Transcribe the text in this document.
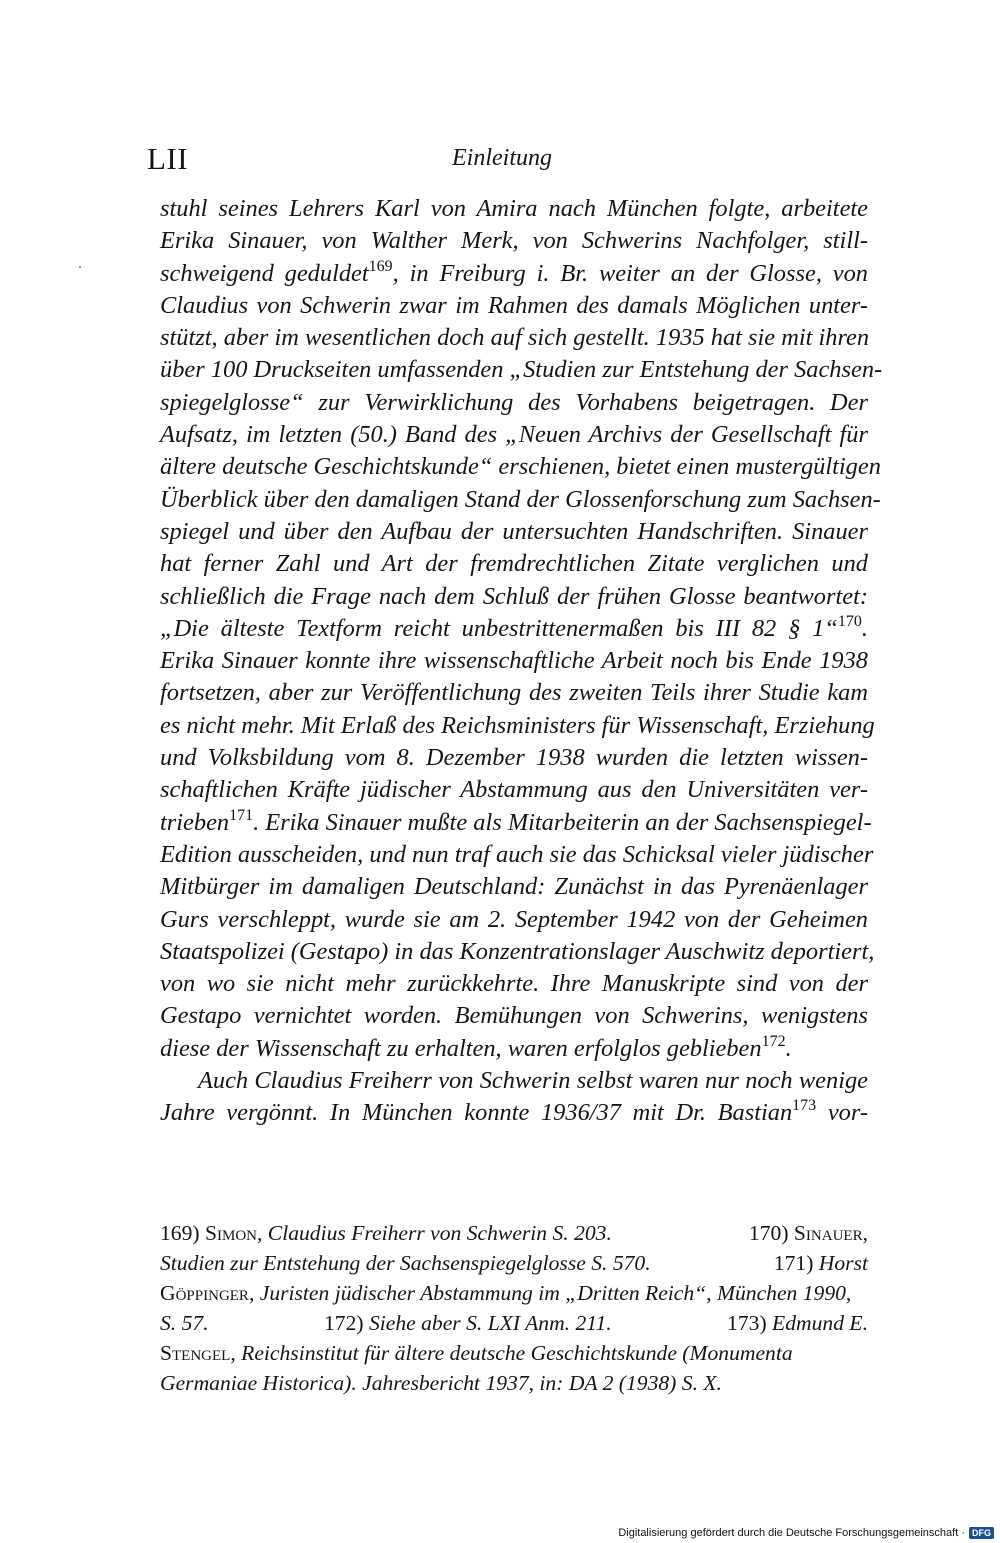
LII	Einleitung
stuhl seines Lehrers Karl von Amira nach München folgte, arbeitete
Erika Sinauer, von Walther Merk, von Schwerins Nachfolger, still-
schweigend geduldet$^{169}$, in Freiburg i. Br. weiter an der Glosse, von
Claudius von Schwerin zwar im Rahmen des damals Möglichen unter-
stützt, aber im wesentlichen doch auf sich gestellt. 1935 hat sie mit ihren
über 100 Druckseiten umfassenden „Studien zur Entstehung der Sachsen-
spiegelglosse“ zur Verwirklichung des Vorhabens beigetragen. Der
Aufsatz, im letzten (50.) Band des „Neuen Archivs der Gesellschaft für
ältere deutsche Geschichtskunde“ erschienen, bietet einen mustergültigen
Überblick über den damaligen Stand der Glossenforschung zum Sachsen-
spiegel und über den Aufbau der untersuchten Handschriften. Sinauer
hat ferner Zahl und Art der fremdrechtlichen Zitate verglichen und
schließlich die Frage nach dem Schluß der frühen Glosse beantwortet:
„Die älteste Textform reicht unbestrittenermaßen bis III 82 § 1“$^{170}$.
Erika Sinauer konnte ihre wissenschaftliche Arbeit noch bis Ende 1938
fortsetzen, aber zur Veröffentlichung des zweiten Teils ihrer Studie kam
es nicht mehr. Mit Erlaß des Reichsministers für Wissenschaft, Erziehung
und Volksbildung vom 8. Dezember 1938 wurden die letzten wissen-
schaftlichen Kräfte jüdischer Abstammung aus den Universitäten ver-
trieben$^{171}$. Erika Sinauer mußte als Mitarbeiterin an der Sachsenspiegel-
Edition ausscheiden, und nun traf auch sie das Schicksal vieler jüdischer
Mitbürger im damaligen Deutschland: Zunächst in das Pyrenäenlager
Gurs verschleppt, wurde sie am 2. September 1942 von der Geheimen
Staatspolizei (Gestapo) in das Konzentrationslager Auschwitz deportiert,
von wo sie nicht mehr zurückkehrte. Ihre Manuskripte sind von der
Gestapo vernichtet worden. Bemühungen von Schwerins, wenigstens
diese der Wissenschaft zu erhalten, waren erfolglos geblieben$^{172}$.
Auch Claudius Freiherr von Schwerin selbst waren nur noch wenige
Jahre vergönnt. In München konnte 1936/37 mit Dr. Bastian$^{173}$ vor-
169) Simon, Claudius Freiherr von Schwerin S. 203.	170) Sinauer,
Studien zur Entstehung der Sachsenspiegelglosse S. 570.	171) Horst
Göppinger, Juristen jüdischer Abstammung im „Dritten Reich“, München 1990,
S. 57.	172) Siehe aber S. LXI Anm. 211.	173) Edmund E.
Stengel, Reichsinstitut für ältere deutsche Geschichtskunde (Monumenta
Germaniae Historica). Jahresbericht 1937, in: DA 2 (1938) S. X.
Digitalisierung gefördert durch die Deutsche Forschungsgemeinschaft · DFG
